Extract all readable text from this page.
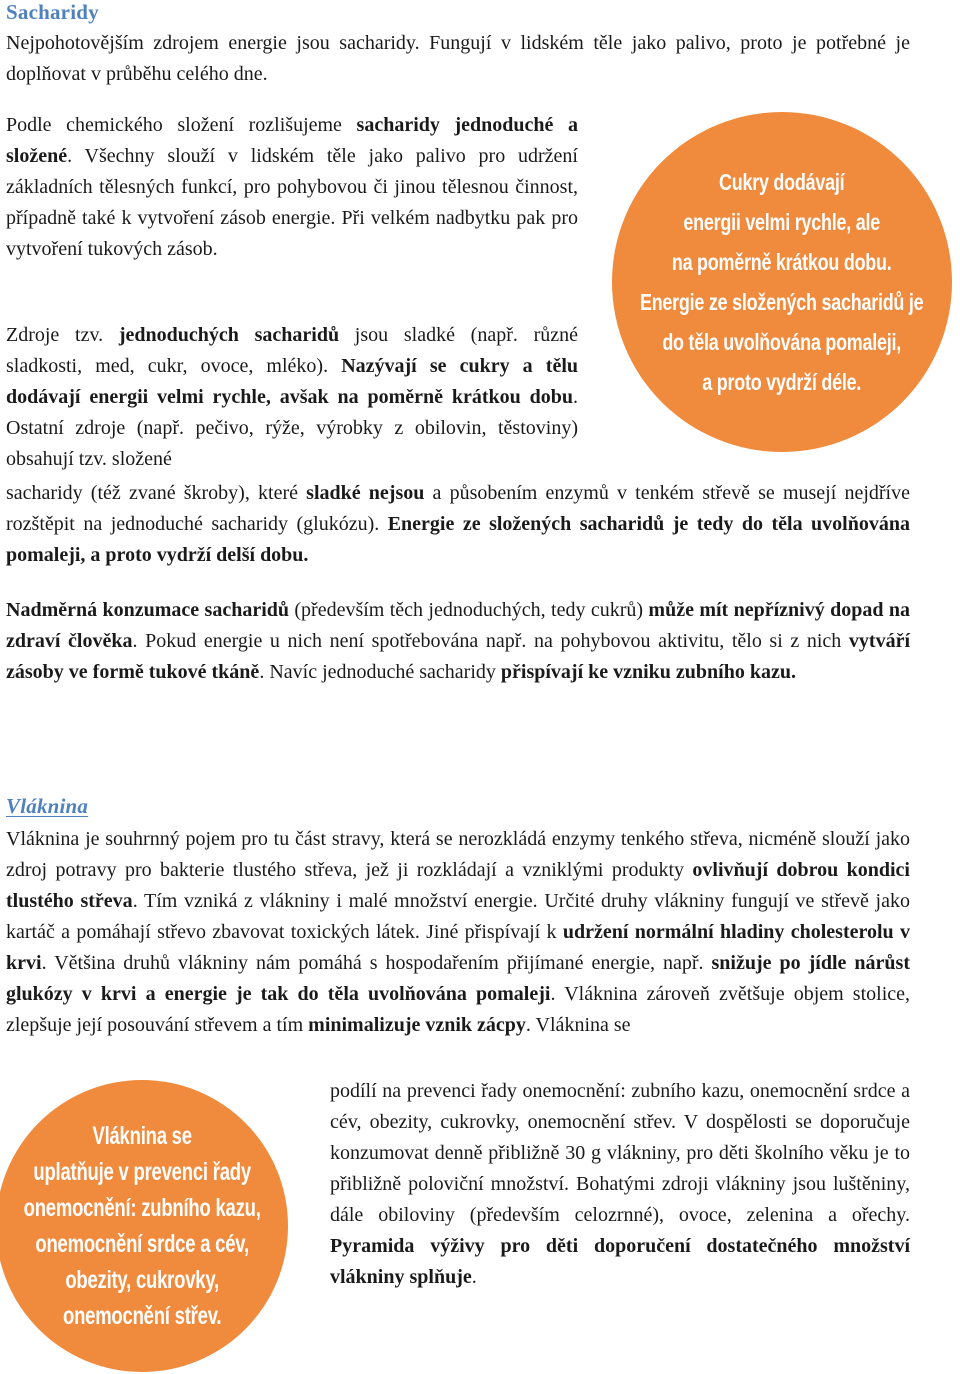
Sacharidy

Nejpohotovějším zdrojem energie jsou sacharidy. Fungují v lidském těle jako palivo, proto je potřebné je doplňovat v průběhu celého dne.

Podle chemického složení rozlišujeme sacharidy jednoduché a složené. Všechny slouží v lidském těle jako palivo pro udržení základních tělesných funkcí, pro pohybovou či jinou tělesnou činnost, případně také k vytvoření zásob energie. Při velkém nadbytku pak pro vytvoření tukových zásob.

Cukry dodávají
energii velmi rychle, ale
na poměrně krátkou dobu.
Energie ze složených sacharidů je
do těla uvolňována pomaleji,
a proto vydrží déle.

Zdroje tzv. jednoduchých sacharidů jsou sladké (např. různé sladkosti, med, cukr, ovoce, mléko). Nazývají se cukry a tělu dodávají energii velmi rychle, avšak na poměrně krátkou dobu. Ostatní zdroje (např. pečivo, rýže, výrobky z obilovin, těstoviny) obsahují tzv. složené

sacharidy (též zvané škroby), které sladké nejsou a působením enzymů v tenkém střevě se musejí nejdříve rozštěpit na jednoduché sacharidy (glukózu). Energie ze složených sacharidů je tedy do těla uvolňována pomaleji, a proto vydrží delší dobu.

Nadměrná konzumace sacharidů (především těch jednoduchých, tedy cukrů) může mít nepříznivý dopad na zdraví člověka. Pokud energie u nich není spotřebována např. na pohybovou aktivitu, tělo si z nich vytváří zásoby ve formě tukové tkáně. Navíc jednoduché sacharidy přispívají ke vzniku zubního kazu.

Vláknina

Vláknina je souhrnný pojem pro tu část stravy, která se nerozkládá enzymy tenkého střeva, nicméně slouží jako zdroj potravy pro bakterie tlustého střeva, jež ji rozkládají a vzniklými produkty ovlivňují dobrou kondici tlustého střeva. Tím vzniká z vlákniny i malé množství energie. Určité druhy vlákniny fungují ve střevě jako kartáč a pomáhají střevo zbavovat toxických látek. Jiné přispívají k udržení normální hladiny cholesterolu v krvi. Většina druhů vlákniny nám pomáhá s hospodařením přijímané energie, např. snižuje po jídle nárůst glukózy v krvi a energie je tak do těla uvolňována pomaleji. Vláknina zároveň zvětšuje objem stolice, zlepšuje její posouvání střevem a tím minimalizuje vznik zácpy. Vláknina se

Vláknina se
uplatňuje v prevenci řady
onemocnění: zubního kazu,
onemocnění srdce a cév,
obezity, cukrovky,
onemocnění střev.

podílí na prevenci řady onemocnění: zubního kazu, onemocnění srdce a cév, obezity, cukrovky, onemocnění střev. V dospělosti se doporučuje konzumovat denně přibližně 30 g vlákniny, pro děti školního věku je to přibližně poloviční množství. Bohatými zdroji vlákniny jsou luštěniny, dále obiloviny (především celozrnné), ovoce, zelenina a ořechy. Pyramida výživy pro děti doporučení dostatečného množství vlákniny splňuje.
